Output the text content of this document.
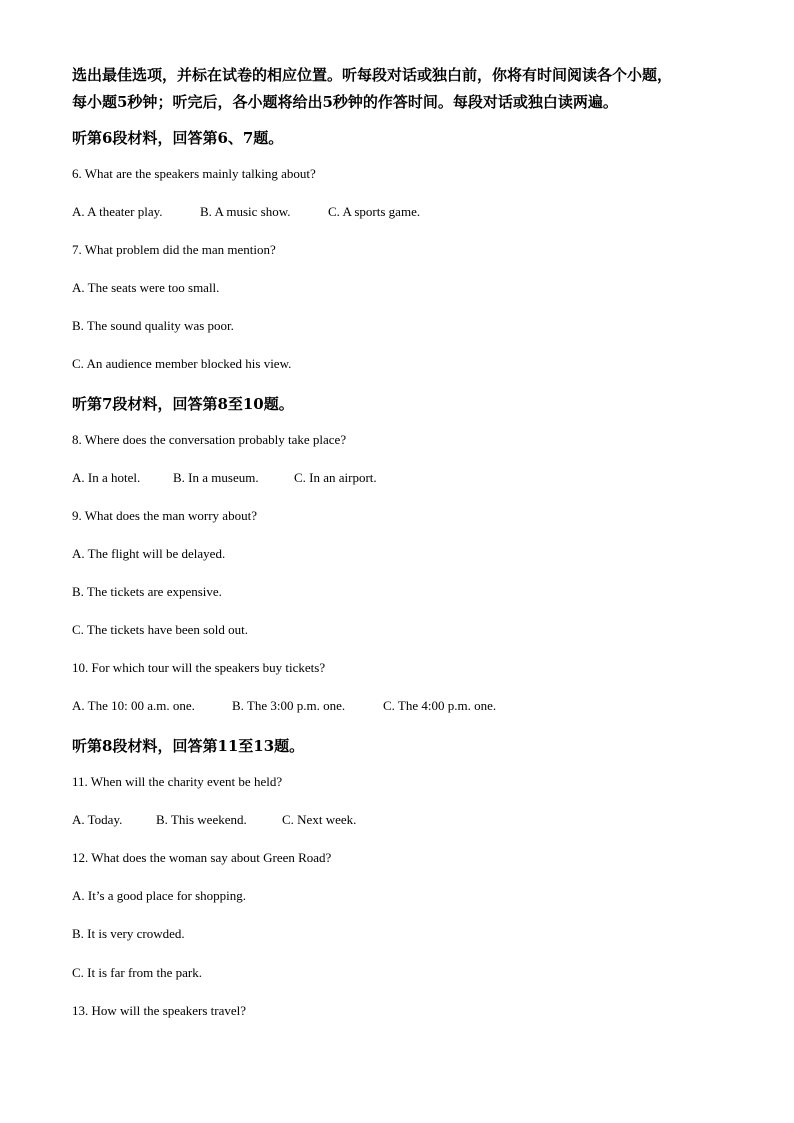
选出最佳选项，并标在试卷的相应位置。听每段对话或独白前，你将有时间阅读各个小题，
每小题5秒钟；听完后，各小题将给出5秒钟的作答时间。每段对话或独白读两遍。
听第6段材料，回答第6、7题。
6. What are the speakers mainly talking about?
A. A theater play.	B. A music show.	C. A sports game.
7. What problem did the man mention?
A. The seats were too small.
B. The sound quality was poor.
C. An audience member blocked his view.
听第7段材料，回答第8至10题。
8. Where does the conversation probably take place?
A. In a hotel.	B. In a museum.	C. In an airport.
9. What does the man worry about?
A. The flight will be delayed.
B. The tickets are expensive.
C. The tickets have been sold out.
10. For which tour will the speakers buy tickets?
A. The 10: 00 a.m. one.	B. The 3:00 p.m. one.	C. The 4:00 p.m. one.
听第8段材料，回答第11至13题。
11. When will the charity event be held?
A. Today.	B. This weekend.	C. Next week.
12. What does the woman say about Green Road?
A. It’s a good place for shopping.
B. It is very crowded.
C. It is far from the park.
13. How will the speakers travel?
